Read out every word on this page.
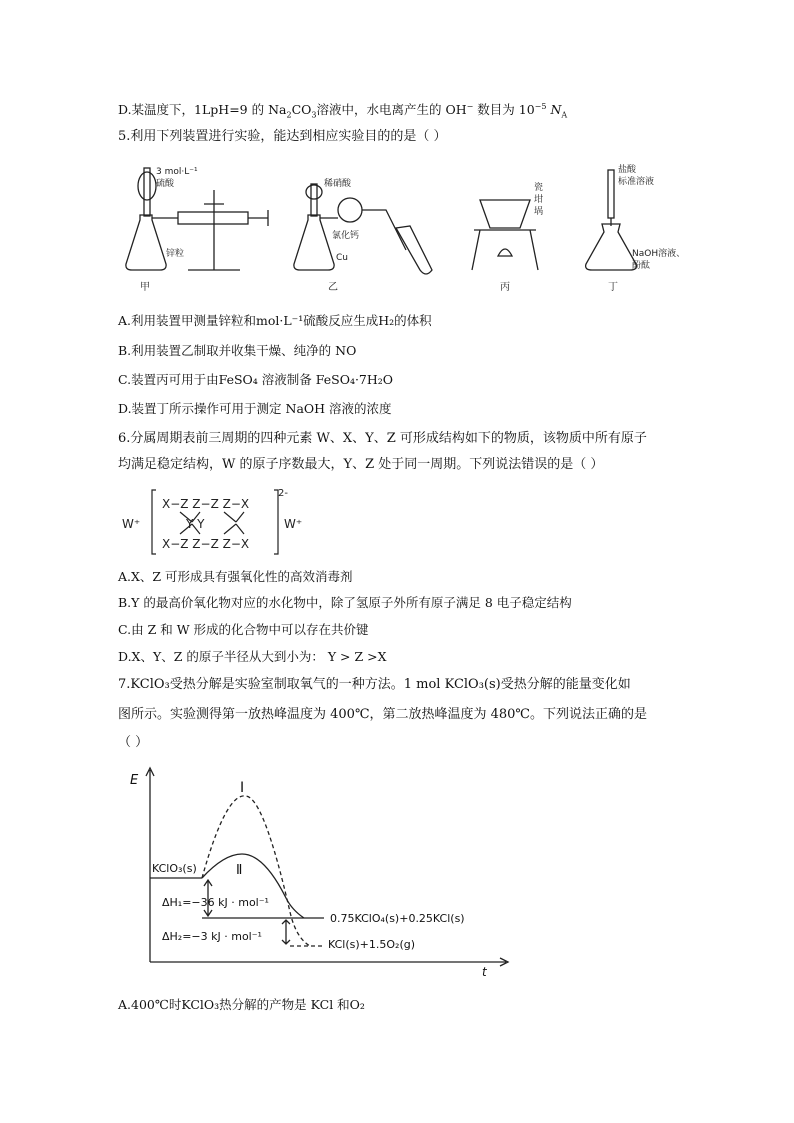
D.某温度下，1LpH=9 的 $Na_2CO_3$溶液中，水电离产生的 OH− 数目为 $10^{-5}$ $N_A$
5.利用下列装置进行实验，能达到相应实验目的的是（ ）
3 mol·L⁻¹
硫酸
锌粒
稀硝酸
氯化钙
Cu
瓷
坩
埚
盐酸
标准溶液
NaOH溶液、
酚酞
甲	乙	丙	丁
A.利用装置甲测量锌粒和mol·L⁻¹硫酸反应生成H₂的体积
B.利用装置乙制取并收集干燥、纯净的 NO
C.装置丙可用于由FeSO₄ 溶液制备 FeSO₄·7H₂O
D.装置丁所示操作可用于测定 NaOH 溶液的浓度
6.分属周期表前三周期的四种元素 W、X、Y、Z 可形成结构如下的物质，该物质中所有原子
均满足稳定结构，W 的原子序数最大，Y、Z 处于同一周期。下列说法错误的是（ ）
W⁺	W⁺
2-
X−Z Z−Z Z−X
Y Y
X−Z Z−Z Z−X
A.X、Z 可形成具有强氧化性的高效消毒剂
B.Y 的最高价氧化物对应的水化物中，除了氢原子外所有原子满足 8 电子稳定结构
C.由 Z 和 W 形成的化合物中可以存在共价键
D.X、Y、Z 的原子半径从大到小为： Y > Z >X
7.KClO₃受热分解是实验室制取氧气的一种方法。1 mol KClO₃(s)受热分解的能量变化如
图所示。实验测得第一放热峰温度为 400℃，第二放热峰温度为 480℃。下列说法正确的是
（ ）
E
t
Ⅰ
Ⅱ
KClO₃(s)
ΔH₁=−36 kJ · mol⁻¹
ΔH₂=−3 kJ · mol⁻¹
0.75KClO₄(s)+0.25KCl(s)
KCl(s)+1.5O₂(g)
A.400℃时KClO₃热分解的产物是 KCl 和O₂
